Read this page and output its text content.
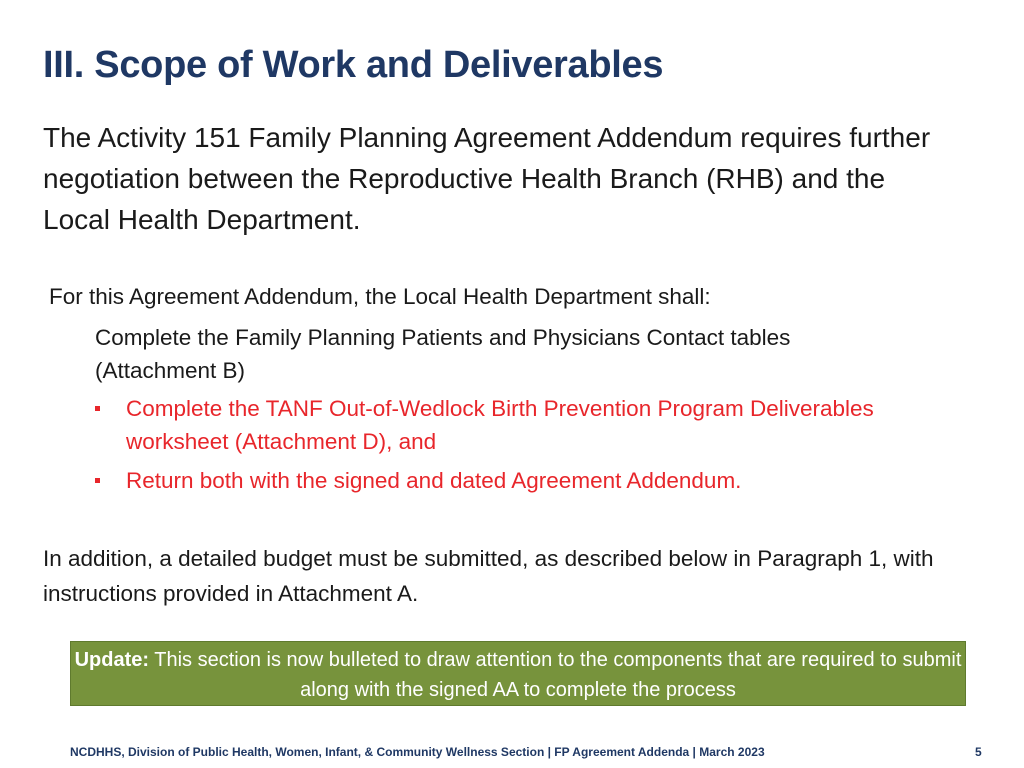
III. Scope of Work and Deliverables

The Activity 151 Family Planning Agreement Addendum requires further negotiation between the Reproductive Health Branch (RHB) and the Local Health Department.

For this Agreement Addendum, the Local Health Department shall:

Complete the Family Planning Patients and Physicians Contact tables (Attachment B)

Complete the TANF Out-of-Wedlock Birth Prevention Program Deliverables worksheet (Attachment D), and
Return both with the signed and dated Agreement Addendum.

In addition, a detailed budget must be submitted, as described below in Paragraph 1, with instructions provided in Attachment A.

Update: This section is now bulleted to draw attention to the components that are required to submit along with the signed AA to complete the process

NCDHHS, Division of Public Health, Women, Infant, & Community Wellness Section | FP Agreement Addenda | March 2023	5
